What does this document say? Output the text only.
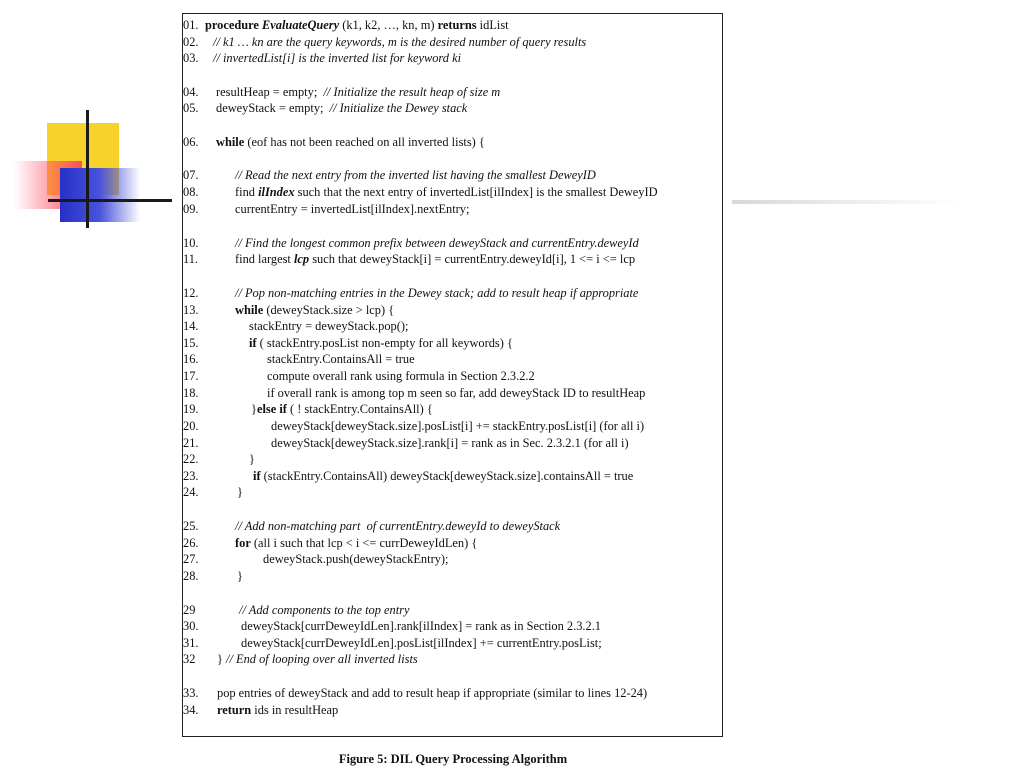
01. procedure EvaluateQuery (k1, k2, …, kn, m) returns idList
02. // k1 … kn are the query keywords, m is the desired number of query results
03. // invertedList[i] is the inverted list for keyword ki
04. resultHeap = empty;  // Initialize the result heap of size m
05. deweyStack = empty;  // Initialize the Dewey stack
06. while (eof has not been reached on all inverted lists) {
07.	// Read the next entry from the inverted list having the smallest DeweyID
08.	find ilIndex such that the next entry of invertedList[ilIndex] is the smallest DeweyID
09.	currentEntry = invertedList[ilIndex].nextEntry;
10.	// Find the longest common prefix between deweyStack and currentEntry.deweyId
11.	find largest lcp such that deweyStack[i] = currentEntry.deweyId[i], 1 <= i <= lcp
12.	// Pop non-matching entries in the Dewey stack; add to result heap if appropriate
13.	while (deweyStack.size > lcp) {
14.	stackEntry = deweyStack.pop();
15.	if ( stackEntry.posList non-empty for all keywords) {
16.	stackEntry.ContainsAll = true
17.	compute overall rank using formula in Section 2.3.2.2
18.	if overall rank is among top m seen so far, add deweyStack ID to resultHeap
19.	}else if ( ! stackEntry.ContainsAll) {
20.	deweyStack[deweyStack.size].posList[i] += stackEntry.posList[i] (for all i)
21.	deweyStack[deweyStack.size].rank[i] = rank as in Sec. 2.3.2.1 (for all i)
22.	}
23.	if (stackEntry.ContainsAll) deweyStack[deweyStack.size].containsAll = true
24.	}
25.	// Add non-matching part  of currentEntry.deweyId to deweyStack
26.	for (all i such that lcp < i <= currDeweyIdLen) {
27.	deweyStack.push(deweyStackEntry);
28.	}
29	// Add components to the top entry
30.	deweyStack[currDeweyIdLen].rank[ilIndex] = rank as in Section 2.3.2.1
31.	deweyStack[currDeweyIdLen].posList[ilIndex] += currentEntry.posList;
32 } // End of looping over all inverted lists
33. pop entries of deweyStack and add to result heap if appropriate (similar to lines 12-24)
34. return ids in resultHeap
Figure 5: DIL Query Processing Algorithm
